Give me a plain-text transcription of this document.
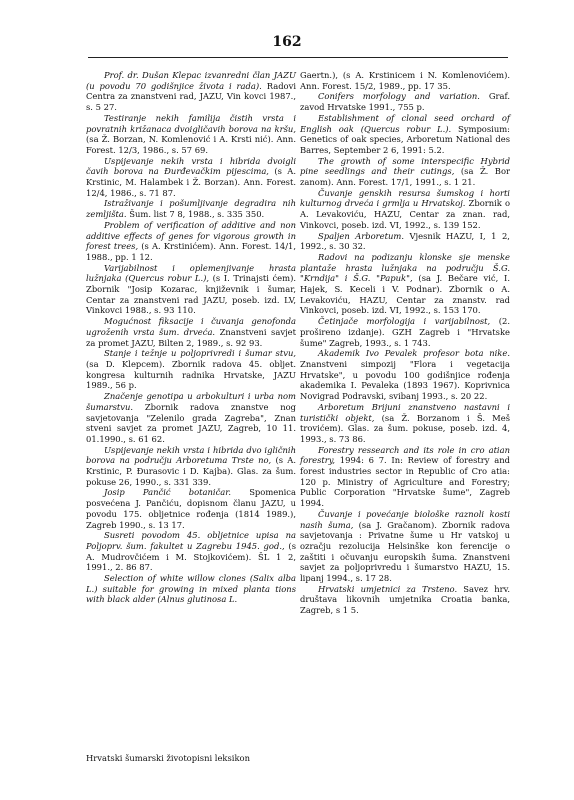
162

Prof. dr. Dušan Klepac izvanredni član JAZU (u povodu 70 godišnjice života i rada). Radovi Centra za znanstveni rad, JAZU, Vin kovci 1987., s. 5 27.

Testiranje nekih familija čistih vrsta i povratnih križanaca dvoigličavih borova na kršu, (sa Ž. Borzan, N. Komlenović i A. Krsti nić). Ann. Forest. 12/3, 1986., s. 57 69.

Uspijevanje nekih vrsta i hibrida dvoigli čavih borova na Đurđevačkim pijescima, (s A. Krstinic, M. Halambek i Ž. Borzan). Ann. Forest. 12/4, 1986., s. 71 87.

Istraživanje i pošumljivanje degradira nih zemljišta. Šum. list 7 8, 1988., s. 335 350.

Problem of verification of additive and non additive effects of genes for vigorous growth in forest trees, (s A. Krstinićem). Ann. Forest. 14/1, 1988., pp. 1 12.

Varijabilnost i oplemenjivanje hrasta lužnjaka (Quercus robur L.), (s I. Trinajsti ćem). Zbornik "Josip Kozarac, književnik i šumar, Centar za znanstveni rad JAZU, poseb. izd. LV, Vinkovci 1988., s. 93 110.

Mogućnost fiksacije i čuvanja genofonda ugroženih vrsta šum. drveća. Znanstveni savjet za promet JAZU, Bilten 2, 1989., s. 92 93.

Stanje i težnje u poljoprivredi i šumar stvu, (sa D. Klepcem). Zbornik radova 45. obljet. kongresa kulturnih radnika Hrvatske, JAZU 1989., 56 p.

Značenje genotipa u arbokulturi i urba nom šumarstvu. Zbornik radova znanstve nog savjetovanja "Zelenilo grada Zagreba", Znan stveni savjet za promet JAZU, Zagreb, 10 11. 01.1990., s. 61 62.

Uspijevanje nekih vrsta i hibrida dvo igličnih borova na području Arboretuma Trste no, (s A. Krstinic, P. Đurasovic i D. Kajba). Glas. za šum. pokuse 26, 1990., s. 331 339.

Josip Pančić botaničar. Spomenica posvećena J. Pančiću, dopisnom članu JAZU, u povodu 175. obljetnice rođenja (1814 1989.), Zagreb 1990., s. 13 17.

Susreti povodom 45. obljetnice upisa na Poljoprv. šum. fakultet u Zagrebu 1945. god., (s A. Mudrovčićem i M. Stojkovićem). ŠL 1 2, 1991., 2. 86 87.

Selection of white willow clones (Salix alba L.) suitable for growing in mixed planta tions with black alder (Alnus glutinosa L.

Gaertn.), (s A. Krstinicem i N. Komlenovićem). Ann. Forest. 15/2, 1989., pp. 17 35.

Conifers morfology and variation. Graf. zavod Hrvatske 1991., 755 p.

Establishment of clonal seed orchard of English oak (Quercus robur L.). Symposium: Genetics of oak species, Arboretum National des Barres, September 2 6, 1991: 5.2.

The growth of some interspecific Hybrid pine seedlings and their cutings, (sa Ž. Bor zanom). Ann. Forest. 17/1, 1991., s. 1 21.

Čuvanje genskih resursa šumskog i horti kulturnog drveća i grmlja u Hrvatskoj. Zbornik o A. Levakoviću, HAZU, Centar za znan. rad, Vinkovci, poseb. izd. VI, 1992., s. 139 152.

Spaljen Arboretum. Vjesnik HAZU, I, 1 2, 1992., s. 30 32.

Radovi na podizanju klonske sje menske plantaže hrasta lužnjaka na području Š.G. "Krndija" i Š.G. "Papuk", (sa J. Bečare vić, I. Hajek, S. Keceli i V. Podnar). Zbornik o A. Levakoviću, HAZU, Centar za znanstv. rad Vinkovci, poseb. izd. VI, 1992., s. 153 170.

Četinjače morfologija i varijabilnost, (2. prošireno izdanje). GZH Zagreb i "Hrvatske šume" Zagreb, 1993., s. 1 743.

Akademik Ivo Pevalek profesor bota nike. Znanstveni simpozij "Flora i vegetacija Hrvatske", u povodu 100 godišnjice rođenja akademika I. Pevaleka (1893 1967). Koprivnica Novigrad Podravski, svibanj 1993., s. 20 22.

Arboretum Brijuni znanstveno nastavni i turistički objekt, (sa Ž. Borzanom i Š. Meš trovićem). Glas. za šum. pokuse, poseb. izd. 4, 1993., s. 73 86.

Forestry ressearch and its role in cro atian forestry, 1994: 6 7. In: Review of forestry and forest industries sector in Republic of Cro atia: 120 p. Ministry of Agriculture and Forestry; Public Corporation "Hrvatske šume", Zagreb 1994.

Čuvanje i povećanje biološke raznoli kosti nasih šuma, (sa J. Gračanom). Zbornik radova savjetovanja : Privatne šume u Hr vatskoj u ozračju rezolucija Helsinške kon ferencije o zaštiti i očuvanju europskih šuma. Znanstveni savjet za poljoprivredu i šumarstvo HAZU, 15. lipanj 1994., s. 17 28.

Hrvatski umjetnici za Trsteno. Savez hrv. društava likovnih umjetnika Croatia banka, Zagreb, s 1 5.

Hrvatski šumarski životopisni leksikon
